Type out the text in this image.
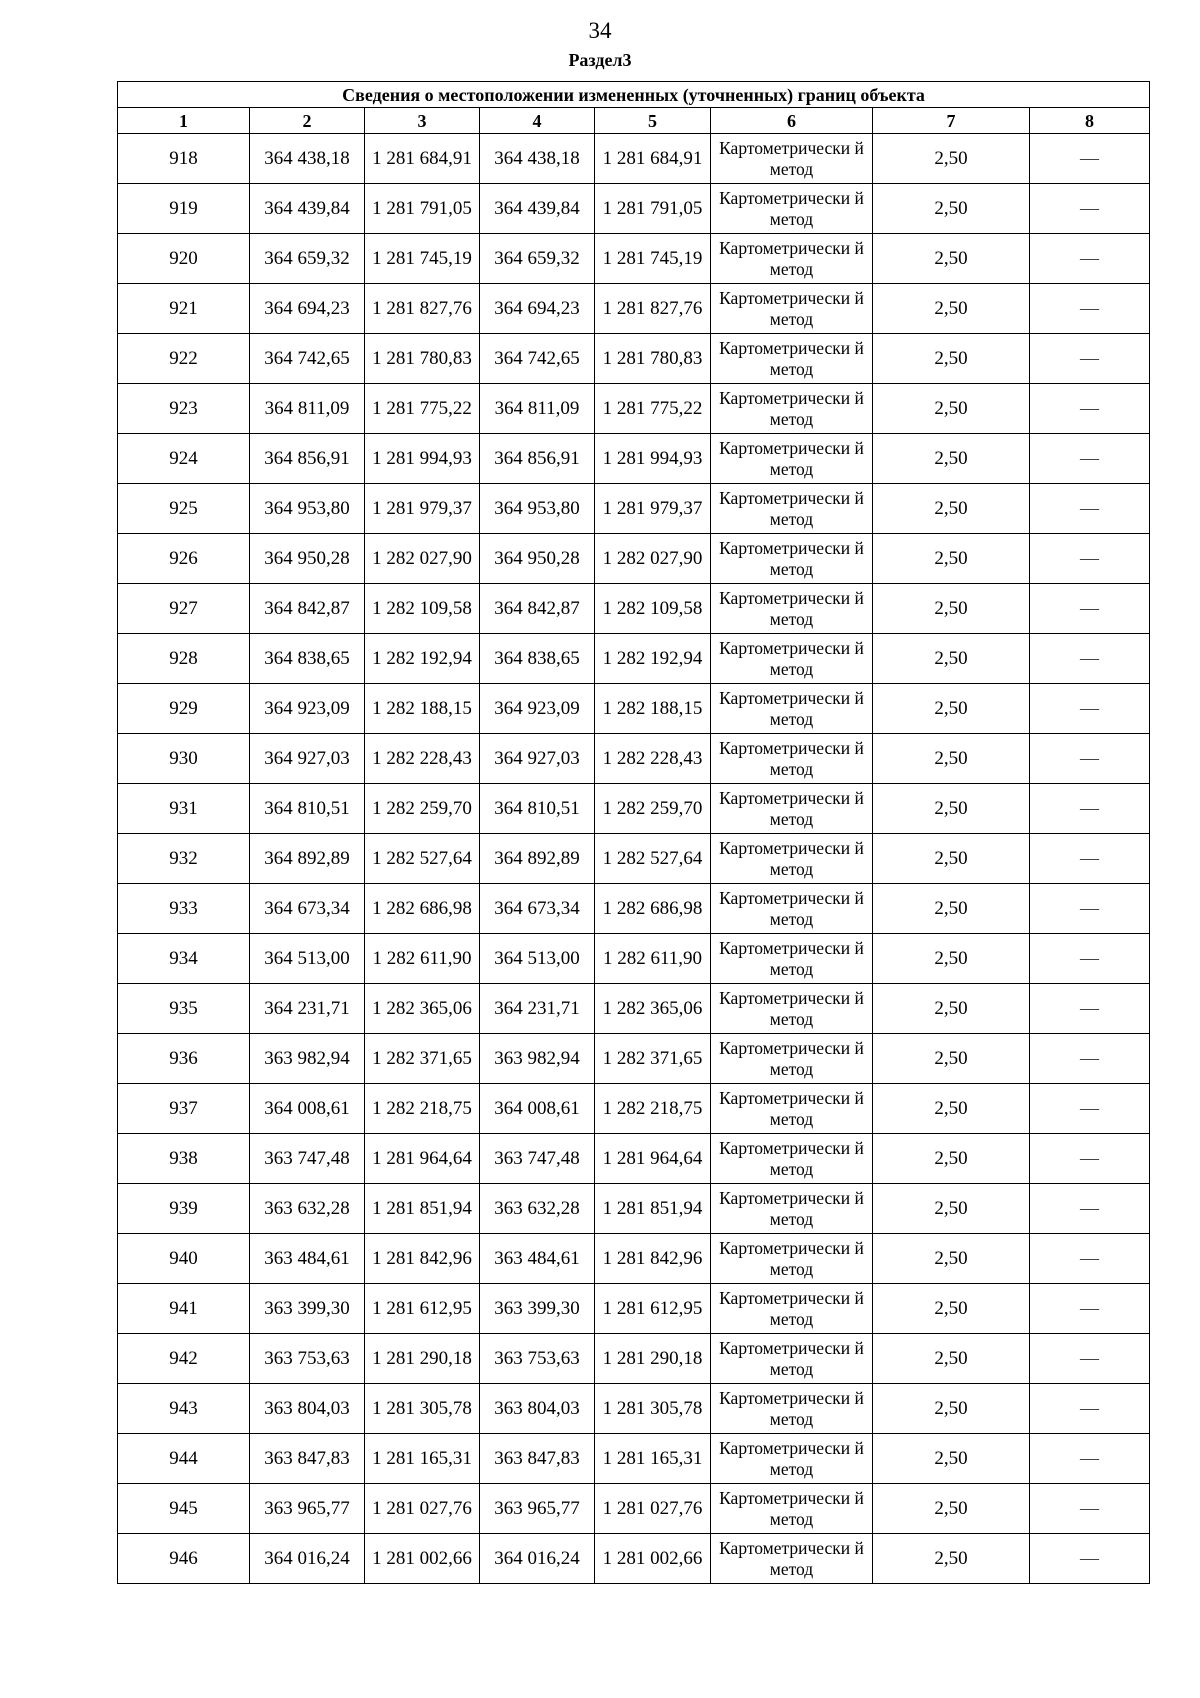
34
Раздел3
Сведения о местоположении измененных (уточненных) границ объекта							
1	2	3	4	5	6	7	8
918	364 438,18	1 281 684,91	364 438,18	1 281 684,91	Картометрически й метод	2,50	—
919	364 439,84	1 281 791,05	364 439,84	1 281 791,05	Картометрически й метод	2,50	—
920	364 659,32	1 281 745,19	364 659,32	1 281 745,19	Картометрически й метод	2,50	—
921	364 694,23	1 281 827,76	364 694,23	1 281 827,76	Картометрически й метод	2,50	—
922	364 742,65	1 281 780,83	364 742,65	1 281 780,83	Картометрически й метод	2,50	—
923	364 811,09	1 281 775,22	364 811,09	1 281 775,22	Картометрически й метод	2,50	—
924	364 856,91	1 281 994,93	364 856,91	1 281 994,93	Картометрически й метод	2,50	—
925	364 953,80	1 281 979,37	364 953,80	1 281 979,37	Картометрически й метод	2,50	—
926	364 950,28	1 282 027,90	364 950,28	1 282 027,90	Картометрически й метод	2,50	—
927	364 842,87	1 282 109,58	364 842,87	1 282 109,58	Картометрически й метод	2,50	—
928	364 838,65	1 282 192,94	364 838,65	1 282 192,94	Картометрически й метод	2,50	—
929	364 923,09	1 282 188,15	364 923,09	1 282 188,15	Картометрически й метод	2,50	—
930	364 927,03	1 282 228,43	364 927,03	1 282 228,43	Картометрически й метод	2,50	—
931	364 810,51	1 282 259,70	364 810,51	1 282 259,70	Картометрически й метод	2,50	—
932	364 892,89	1 282 527,64	364 892,89	1 282 527,64	Картометрически й метод	2,50	—
933	364 673,34	1 282 686,98	364 673,34	1 282 686,98	Картометрически й метод	2,50	—
934	364 513,00	1 282 611,90	364 513,00	1 282 611,90	Картометрически й метод	2,50	—
935	364 231,71	1 282 365,06	364 231,71	1 282 365,06	Картометрически й метод	2,50	—
936	363 982,94	1 282 371,65	363 982,94	1 282 371,65	Картометрически й метод	2,50	—
937	364 008,61	1 282 218,75	364 008,61	1 282 218,75	Картометрически й метод	2,50	—
938	363 747,48	1 281 964,64	363 747,48	1 281 964,64	Картометрически й метод	2,50	—
939	363 632,28	1 281 851,94	363 632,28	1 281 851,94	Картометрически й метод	2,50	—
940	363 484,61	1 281 842,96	363 484,61	1 281 842,96	Картометрически й метод	2,50	—
941	363 399,30	1 281 612,95	363 399,30	1 281 612,95	Картометрически й метод	2,50	—
942	363 753,63	1 281 290,18	363 753,63	1 281 290,18	Картометрически й метод	2,50	—
943	363 804,03	1 281 305,78	363 804,03	1 281 305,78	Картометрически й метод	2,50	—
944	363 847,83	1 281 165,31	363 847,83	1 281 165,31	Картометрически й метод	2,50	—
945	363 965,77	1 281 027,76	363 965,77	1 281 027,76	Картометрически й метод	2,50	—
946	364 016,24	1 281 002,66	364 016,24	1 281 002,66	Картометрически й метод	2,50	—
